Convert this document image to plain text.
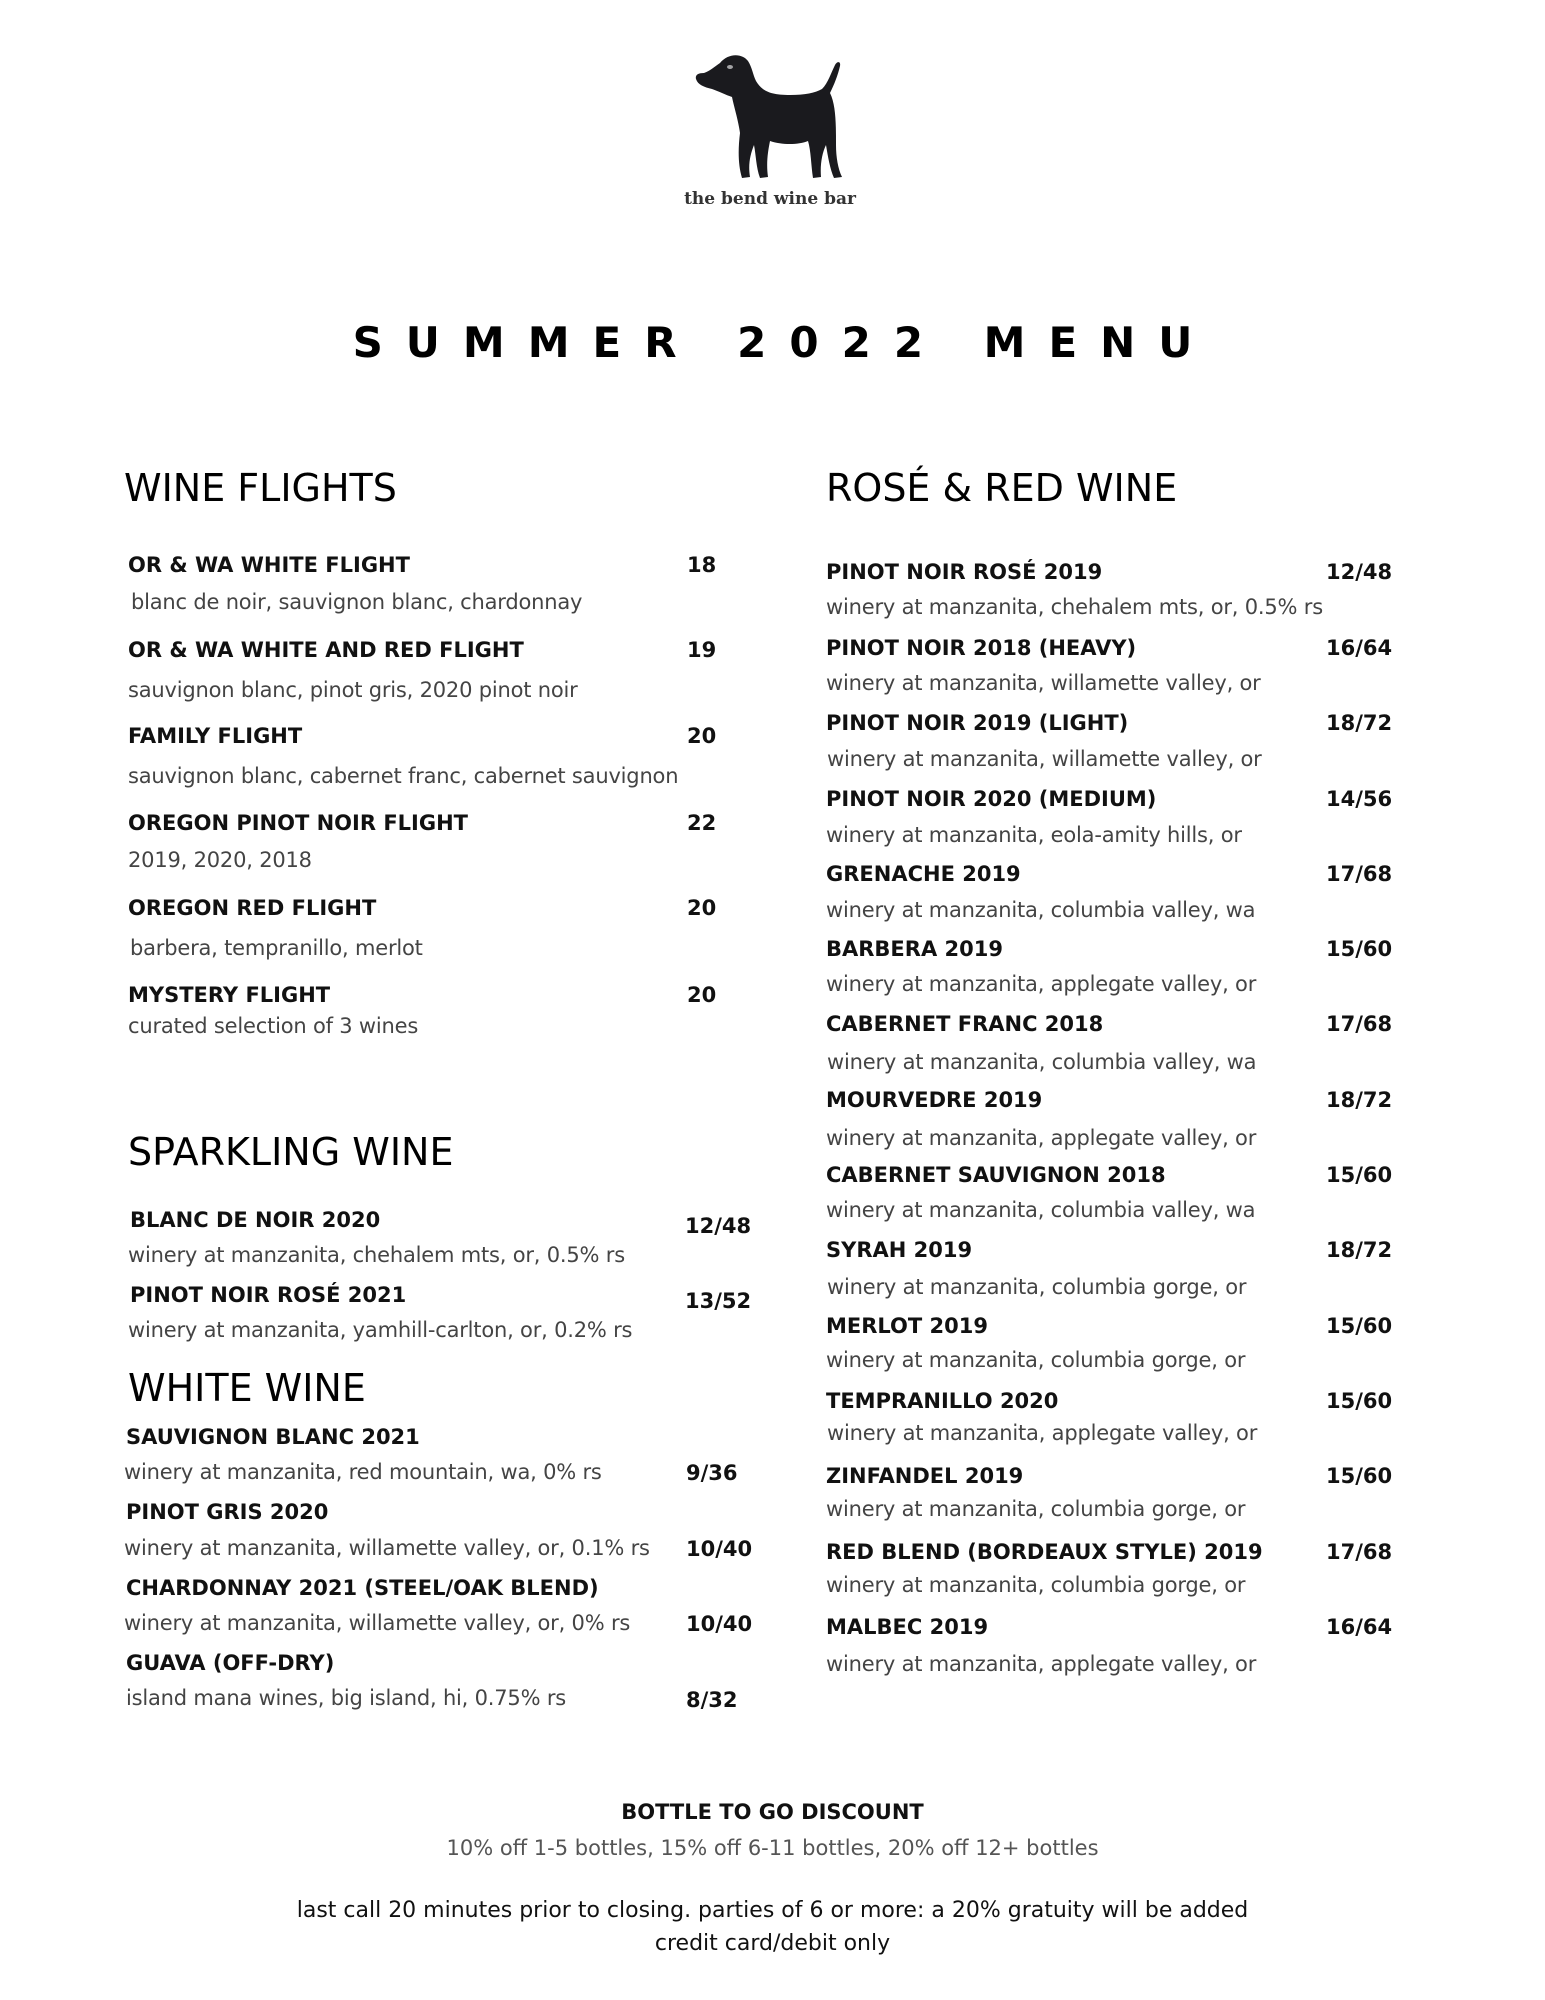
the bend wine bar
SUMMER 2022 MENU
WINE FLIGHTS
OR & WA WHITE FLIGHT
blanc de noir, sauvignon blanc, chardonnay
18
OR & WA WHITE AND RED FLIGHT
sauvignon blanc, pinot gris, 2020 pinot noir
19
FAMILY FLIGHT
sauvignon blanc, cabernet franc, cabernet sauvignon
20
OREGON PINOT NOIR FLIGHT
2019, 2020, 2018
22
OREGON RED FLIGHT
barbera, tempranillo, merlot
20
MYSTERY FLIGHT
curated selection of 3 wines
20
SPARKLING WINE
BLANC DE NOIR 2020
winery at manzanita, chehalem mts, or, 0.5% rs
12/48
PINOT NOIR ROSÉ 2021
winery at manzanita, yamhill-carlton, or, 0.2% rs
13/52
WHITE WINE
SAUVIGNON BLANC 2021
winery at manzanita, red mountain, wa, 0% rs	9/36
PINOT GRIS 2020
winery at manzanita, willamette valley, or, 0.1% rs 10/40
CHARDONNAY 2021 (STEEL/OAK BLEND)
winery at manzanita, willamette valley, or, 0% rs	10/40
GUAVA (OFF-DRY)
island mana wines, big island, hi, 0.75% rs	8/32
ROSÉ & RED WINE
PINOT NOIR ROSÉ 2019
winery at manzanita, chehalem mts, or, 0.5% rs
12/48
PINOT NOIR 2018 (HEAVY)
winery at manzanita, willamette valley, or
16/64
PINOT NOIR 2019 (LIGHT)
winery at manzanita, willamette valley, or
18/72
PINOT NOIR 2020 (MEDIUM)
winery at manzanita, eola-amity hills, or
14/56
GRENACHE 2019
winery at manzanita, columbia valley, wa
17/68
BARBERA 2019
winery at manzanita, applegate valley, or
15/60
CABERNET FRANC 2018
winery at manzanita, columbia valley, wa
17/68
MOURVEDRE 2019
winery at manzanita, applegate valley, or
18/72
CABERNET SAUVIGNON 2018
winery at manzanita, columbia valley, wa
15/60
SYRAH 2019
winery at manzanita, columbia gorge, or
18/72
MERLOT 2019
winery at manzanita, columbia gorge, or
15/60
TEMPRANILLO 2020
winery at manzanita, applegate valley, or
15/60
ZINFANDEL 2019
winery at manzanita, columbia gorge, or
15/60
RED BLEND (BORDEAUX STYLE) 2019
winery at manzanita, columbia gorge, or
17/68
MALBEC 2019
winery at manzanita, applegate valley, or
16/64
BOTTLE TO GO DISCOUNT
10% off 1-5 bottles, 15% off 6-11 bottles, 20% off 12+ bottles
last call 20 minutes prior to closing. parties of 6 or more: a 20% gratuity will be added
credit card/debit only
